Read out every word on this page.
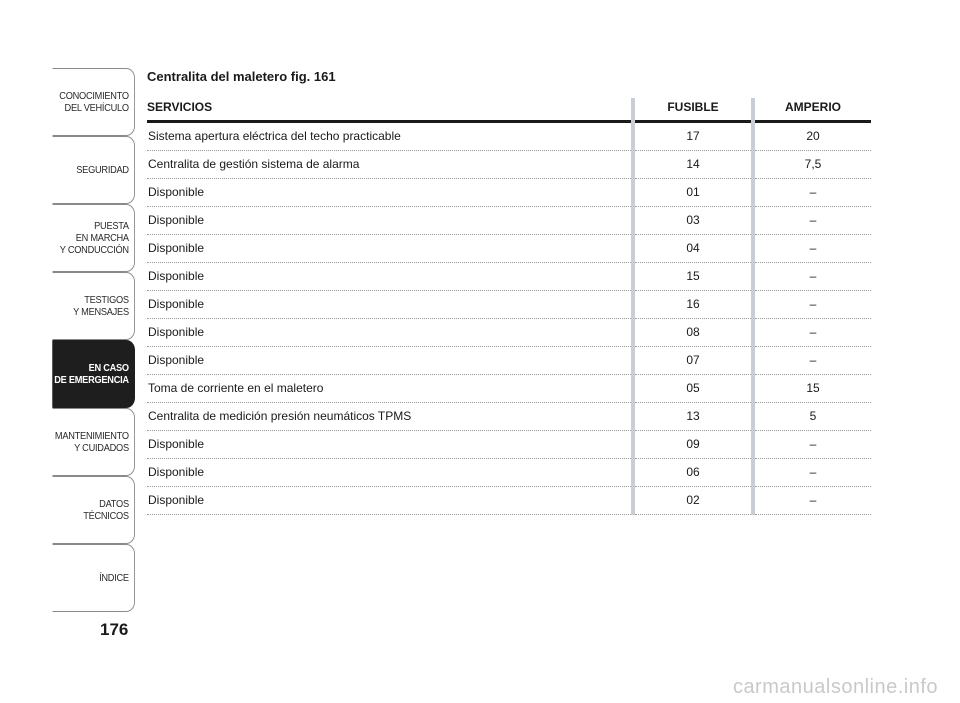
CONOCIMIENTO
DEL VEHÍCULO
SEGURIDAD
PUESTA
EN MARCHA
Y CONDUCCIÓN
TESTIGOS
Y MENSAJES
EN CASO
DE EMERGENCIA
MANTENIMIENTO
Y CUIDADOS
DATOS TÉCNICOS
ÍNDICE
176
Centralita del maletero fig. 161
SERVICIOS	FUSIBLE	AMPERIO
Sistema apertura eléctrica del techo practicable	17	20
Centralita de gestión sistema de alarma	14	7,5
Disponible	01	–
Disponible	03	–
Disponible	04	–
Disponible	15	–
Disponible	16	–
Disponible	08	–
Disponible	07	–
Toma de corriente en el maletero	05	15
Centralita de medición presión neumáticos TPMS	13	5
Disponible	09	–
Disponible	06	–
Disponible	02	–
carmanualsonline.info
